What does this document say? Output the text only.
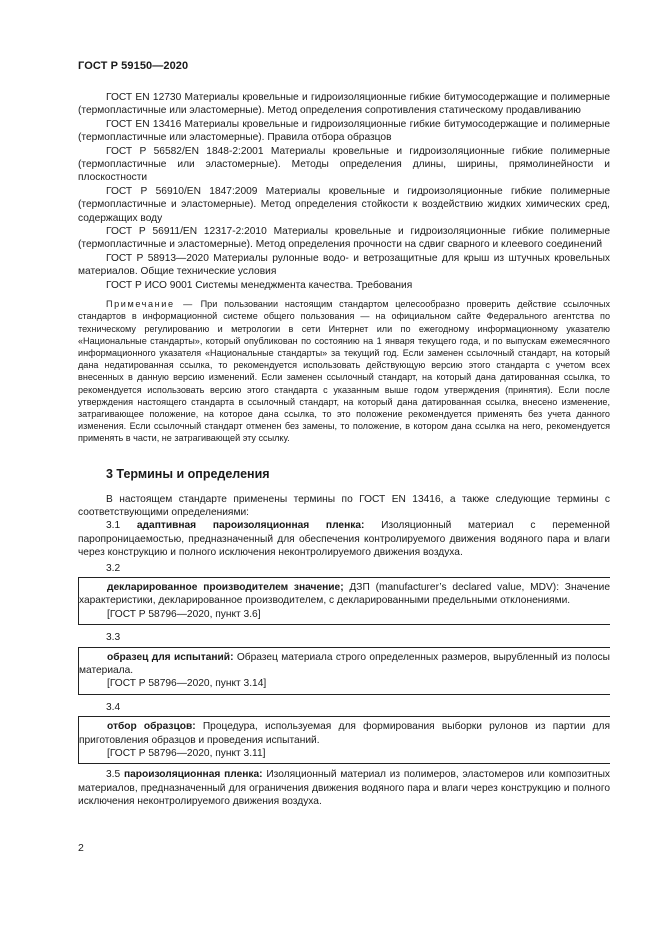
ГОСТ Р 59150—2020

ГОСТ EN 12730 Материалы кровельные и гидроизоляционные гибкие битумосодержащие и полимерные (термопластичные или эластомерные). Метод определения сопротивления статическому продавливанию

ГОСТ EN 13416 Материалы кровельные и гидроизоляционные гибкие битумосодержащие и полимерные (термопластичные или эластомерные). Правила отбора образцов

ГОСТ Р 56582/EN 1848-2:2001 Материалы кровельные и гидроизоляционные гибкие полимерные (термопластичные или эластомерные). Методы определения длины, ширины, прямолинейности и плоскостности

ГОСТ Р 56910/EN 1847:2009 Материалы кровельные и гидроизоляционные гибкие полимерные (термопластичные и эластомерные). Метод определения стойкости к воздействию жидких химических сред, содержащих воду

ГОСТ Р 56911/EN 12317-2:2010 Материалы кровельные и гидроизоляционные гибкие полимерные (термопластичные и эластомерные). Метод определения прочности на сдвиг сварного и клеевого соединений

ГОСТ Р 58913—2020 Материалы рулонные водо- и ветрозащитные для крыш из штучных кровельных материалов. Общие технические условия

ГОСТ Р ИСО 9001 Системы менеджмента качества. Требования

Примечание — При пользовании настоящим стандартом целесообразно проверить действие ссылочных стандартов в информационной системе общего пользования — на официальном сайте Федерального агентства по техническому регулированию и метрологии в сети Интернет или по ежегодному информационному указателю «Национальные стандарты», который опубликован по состоянию на 1 января текущего года, и по выпускам ежемесячного информационного указателя «Национальные стандарты» за текущий год. Если заменен ссылочный стандарт, на который дана недатированная ссылка, то рекомендуется использовать действующую версию этого стандарта с учетом всех внесенных в данную версию изменений. Если заменен ссылочный стандарт, на который дана датированная ссылка, то рекомендуется использовать версию этого стандарта с указанным выше годом утверждения (принятия). Если после утверждения настоящего стандарта в ссылочный стандарт, на который дана датированная ссылка, внесено изменение, затрагивающее положение, на которое дана ссылка, то это положение рекомендуется применять без учета данного изменения. Если ссылочный стандарт отменен без замены, то положение, в котором дана ссылка на него, рекомендуется применять в части, не затрагивающей эту ссылку.

3 Термины и определения

В настоящем стандарте применены термины по ГОСТ EN 13416, а также следующие термины с соответствующими определениями:

3.1 адаптивная пароизоляционная пленка: Изоляционный материал с переменной паропроницаемостью, предназначенный для обеспечения контролируемого движения водяного пара и влаги через конструкцию и полного исключения неконтролируемого движения воздуха.

3.2

декларированное производителем значение; ДЗП (manufacturer’s declared value, MDV): Значение характеристики, декларированное производителем, с декларированными предельными отклонениями.

[ГОСТ Р 58796—2020, пункт 3.6]
3.3

образец для испытаний: Образец материала строго определенных размеров, вырубленный из полосы материала.

[ГОСТ Р 58796—2020, пункт 3.14]
3.4

отбор образцов: Процедура, используемая для формирования выборки рулонов из партии для приготовления образцов и проведения испытаний.

[ГОСТ Р 58796—2020, пункт 3.11]

3.5 пароизоляционная пленка: Изоляционный материал из полимеров, эластомеров или композитных материалов, предназначенный для ограничения движения водяного пара и влаги через конструкцию и полного исключения неконтролируемого движения воздуха.

2
